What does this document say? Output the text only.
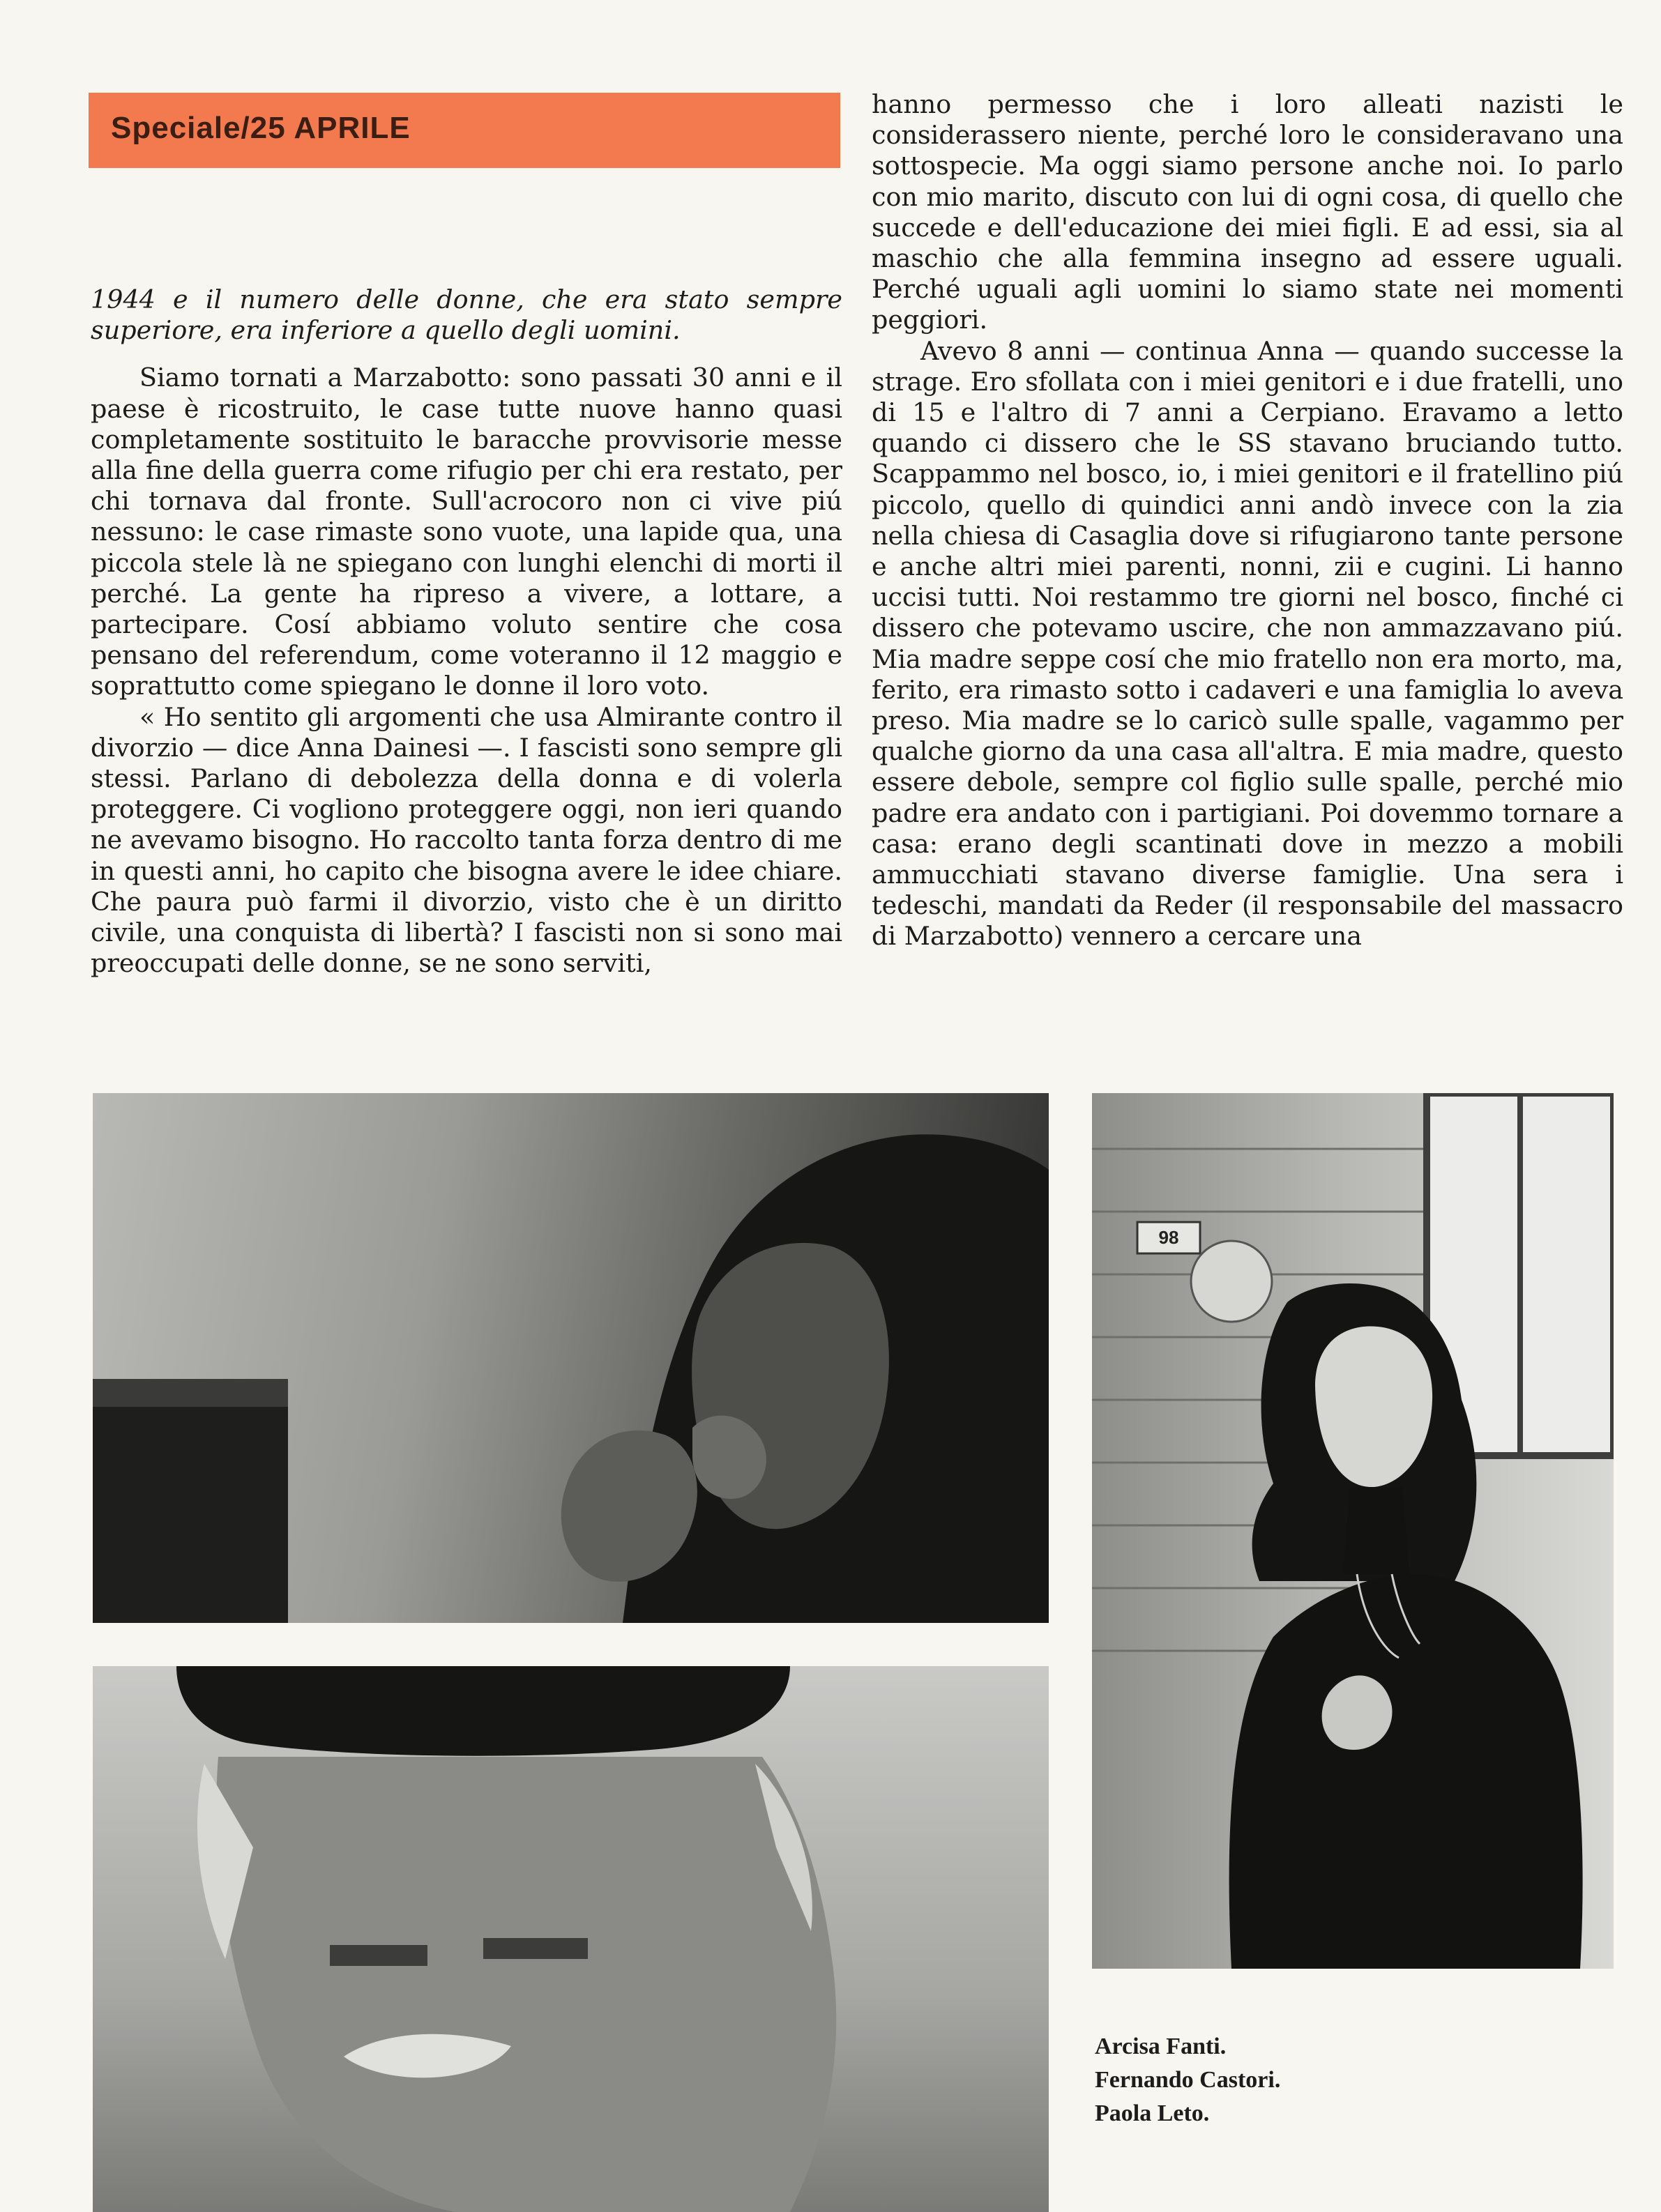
Speciale/25 APRILE

1944 e il numero delle donne, che era stato sempre superiore, era inferiore a quello degli uomini.

Siamo tornati a Marzabotto: sono passati 30 anni e il paese è ricostruito, le case tutte nuove hanno quasi completamente sostituito le baracche provvisorie messe alla fine della guerra come rifugio per chi era restato, per chi tornava dal fronte. Sull'acrocoro non ci vive piú nessuno: le case rimaste sono vuote, una lapide qua, una piccola stele là ne spiegano con lunghi elenchi di morti il perché. La gente ha ripreso a vivere, a lottare, a partecipare. Cosí abbiamo voluto sentire che cosa pensano del referendum, come voteranno il 12 maggio e soprattutto come spiegano le donne il loro voto.

« Ho sentito gli argomenti che usa Almirante contro il divorzio — dice Anna Dainesi —. I fascisti sono sempre gli stessi. Parlano di debolezza della donna e di volerla proteggere. Ci vogliono proteggere oggi, non ieri quando ne avevamo bisogno. Ho raccolto tanta forza dentro di me in questi anni, ho capito che bisogna avere le idee chiare. Che paura può farmi il divorzio, visto che è un diritto civile, una conquista di libertà? I fascisti non si sono mai preoccupati delle donne, se ne sono serviti,

hanno permesso che i loro alleati nazisti le considerassero niente, perché loro le consideravano una sottospecie. Ma oggi siamo persone anche noi. Io parlo con mio marito, discuto con lui di ogni cosa, di quello che succede e dell'educazione dei miei figli. E ad essi, sia al maschio che alla femmina insegno ad essere uguali. Perché uguali agli uomini lo siamo state nei momenti peggiori.

Avevo 8 anni — continua Anna — quando successe la strage. Ero sfollata con i miei genitori e i due fratelli, uno di 15 e l'altro di 7 anni a Cerpiano. Eravamo a letto quando ci dissero che le SS stavano bruciando tutto. Scappammo nel bosco, io, i miei genitori e il fratellino piú piccolo, quello di quindici anni andò invece con la zia nella chiesa di Casaglia dove si rifugiarono tante persone e anche altri miei parenti, nonni, zii e cugini. Li hanno uccisi tutti. Noi restammo tre giorni nel bosco, finché ci dissero che potevamo uscire, che non ammazzavano piú. Mia madre seppe cosí che mio fratello non era morto, ma, ferito, era rimasto sotto i cadaveri e una famiglia lo aveva preso. Mia madre se lo caricò sulle spalle, vagammo per qualche giorno da una casa all'altra. E mia madre, questo essere debole, sempre col figlio sulle spalle, perché mio padre era andato con i partigiani. Poi dovemmo tornare a casa: erano degli scantinati dove in mezzo a mobili ammucchiati stavano diverse famiglie. Una sera i tedeschi, mandati da Reder (il responsabile del massacro di Marzabotto) vennero a cercare una

98
Arcisa Fanti.
Fernando Castori.
Paola Leto.
